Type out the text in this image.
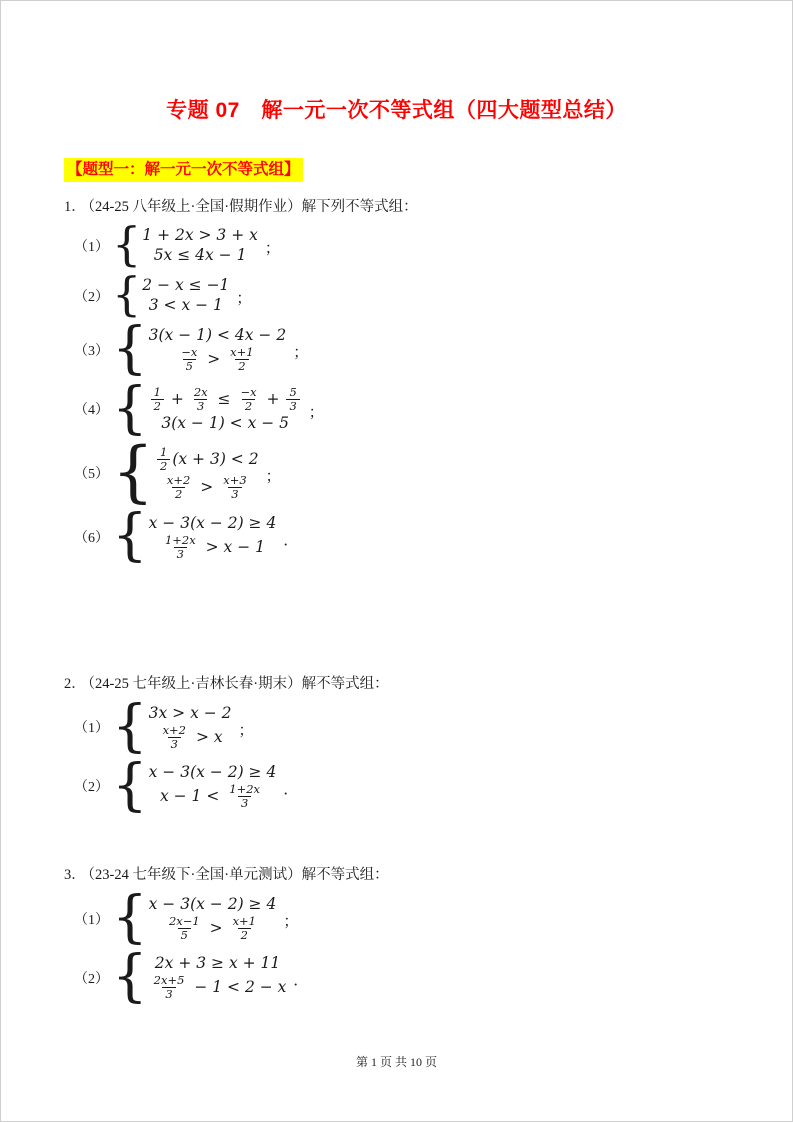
专题 07　解一元一次不等式组（四大题型总结）
【题型一：解一元一次不等式组】
1． （24-25 八年级上·全国·假期作业）解下列不等式组：
（1） { 1 + 2x > 3 + x
5x ≤ 4x − 1 ；
（2） { 2 − x ≤ −1
3 < x − 1 ；
（3） { 3(x − 1) < 4x − 2
$\frac{-x}{5} > \frac{x+1}{2}$ ；
（4） { $\frac{1}{2} + \frac{2x}{3} \le \frac{-x}{2} + \frac{5}{3}$
3(x − 1) < x − 5
；
（5） { $\frac{1}{2} (x + 3) < 2$
$\frac{x+2}{2} > \frac{x+3}{3}$ ；
（6） { x − 3(x − 2) ≥ 4
$\frac{1+2x}{3} > x - 1$ ．
2． （24-25 七年级上·吉林长春·期末）解不等式组：
（1） { 3x > x − 2
$\frac{x+2}{3} > x$ ；
（2） { x − 3(x − 2) ≥ 4
$x - 1 < \frac{1+2x}{3}$ ．
3． （23-24 七年级下·全国·单元测试）解不等式组：
（1） { x − 3(x − 2) ≥ 4
$\frac{2x-1}{5} > \frac{x+1}{2}$ ；
（2） { 2x + 3 ≥ x + 11
$\frac{2x+5}{3} - 1 < 2 - x$ ．
第 1 页 共 10 页
